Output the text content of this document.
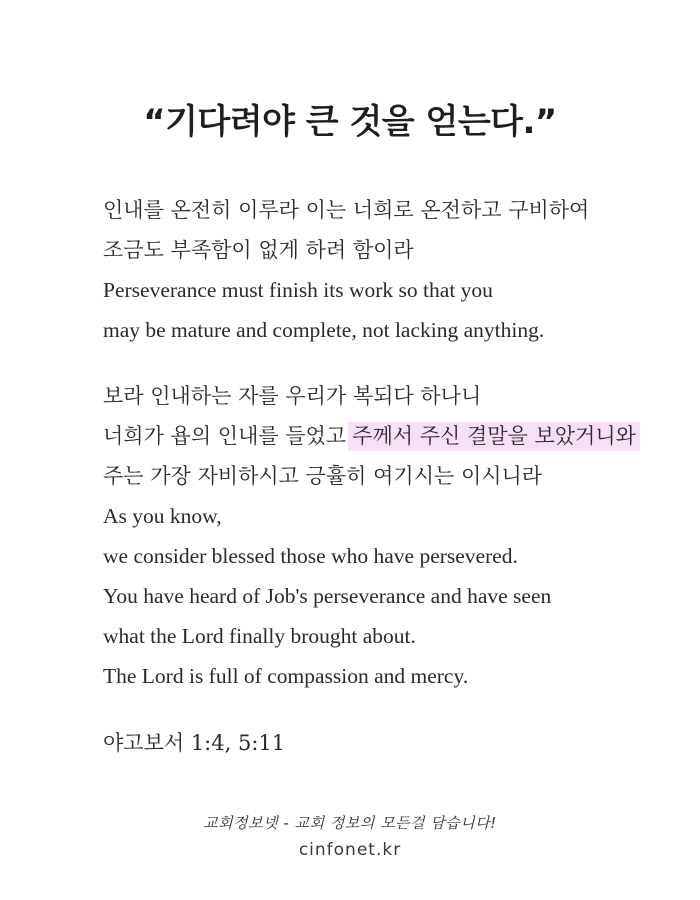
“기다려야 큰 것을 얻는다.”
인내를 온전히 이루라 이는 너희로 온전하고 구비하여
조금도 부족함이 없게 하려 함이라
Perseverance must finish its work so that you
may be mature and complete, not lacking anything.
보라 인내하는 자를 우리가 복되다 하나니
너희가 욥의 인내를 들었고 주께서 주신 결말을 보았거니와
주는 가장 자비하시고 긍휼히 여기시는 이시니라
As you know,
we consider blessed those who have persevered.
You have heard of Job's perseverance and have seen
what the Lord finally brought about.
The Lord is full of compassion and mercy.
야고보서 1:4, 5:11
교회정보넷 - 교회 정보의 모든걸 담습니다!
cinfonet.kr
